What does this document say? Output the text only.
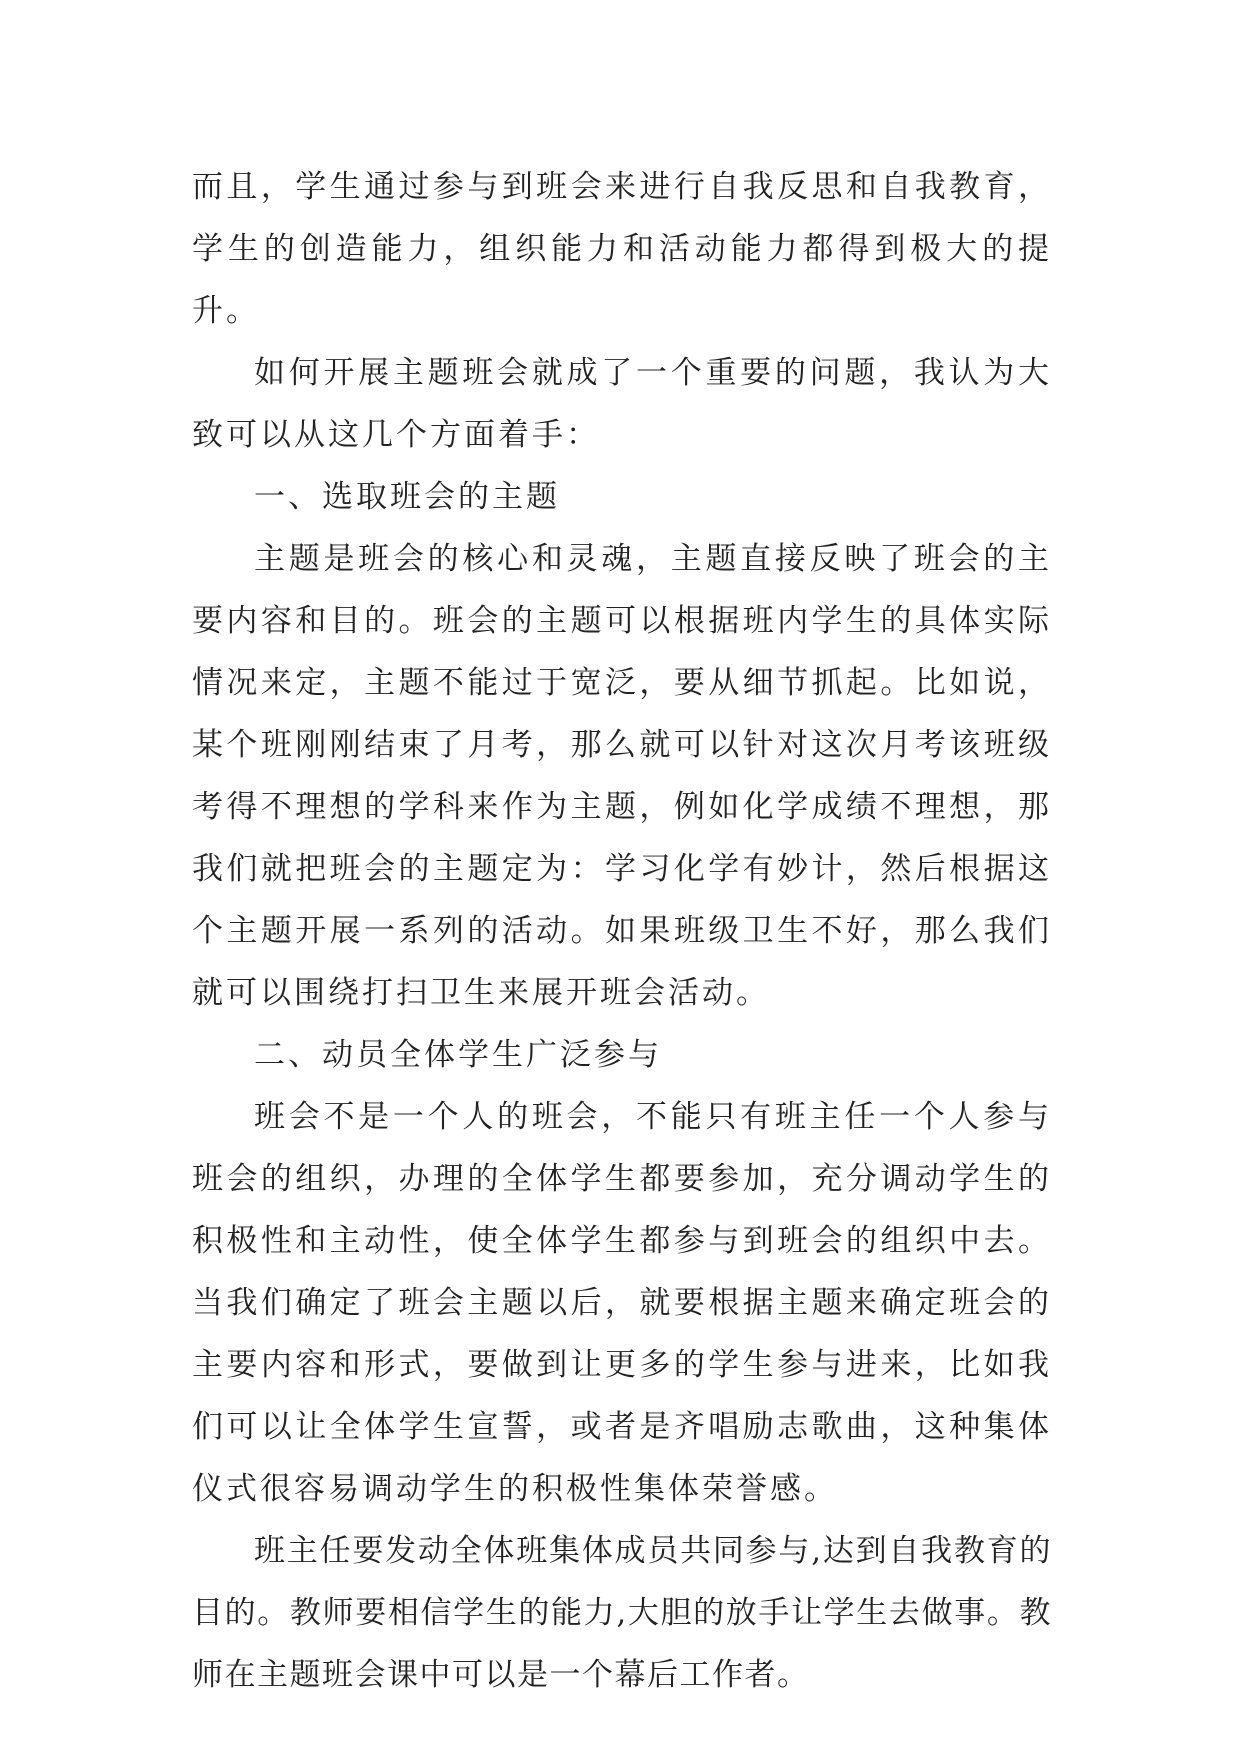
而且，学生通过参与到班会来进行自我反思和自我教育，学生的创造能力，组织能力和活动能力都得到极大的提升。

如何开展主题班会就成了一个重要的问题，我认为大致可以从这几个方面着手：

一、选取班会的主题

主题是班会的核心和灵魂，主题直接反映了班会的主要内容和目的。班会的主题可以根据班内学生的具体实际情况来定，主题不能过于宽泛，要从细节抓起。比如说，某个班刚刚结束了月考，那么就可以针对这次月考该班级考得不理想的学科来作为主题，例如化学成绩不理想，那我们就把班会的主题定为：学习化学有妙计，然后根据这个主题开展一系列的活动。如果班级卫生不好，那么我们就可以围绕打扫卫生来展开班会活动。

二、动员全体学生广泛参与

班会不是一个人的班会，不能只有班主任一个人参与班会的组织，办理的全体学生都要参加，充分调动学生的积极性和主动性，使全体学生都参与到班会的组织中去。当我们确定了班会主题以后，就要根据主题来确定班会的主要内容和形式，要做到让更多的学生参与进来，比如我们可以让全体学生宣誓，或者是齐唱励志歌曲，这种集体仪式很容易调动学生的积极性集体荣誉感。

班主任要发动全体班集体成员共同参与,达到自我教育的目的。教师要相信学生的能力,大胆的放手让学生去做事。教师在主题班会课中可以是一个幕后工作者。
